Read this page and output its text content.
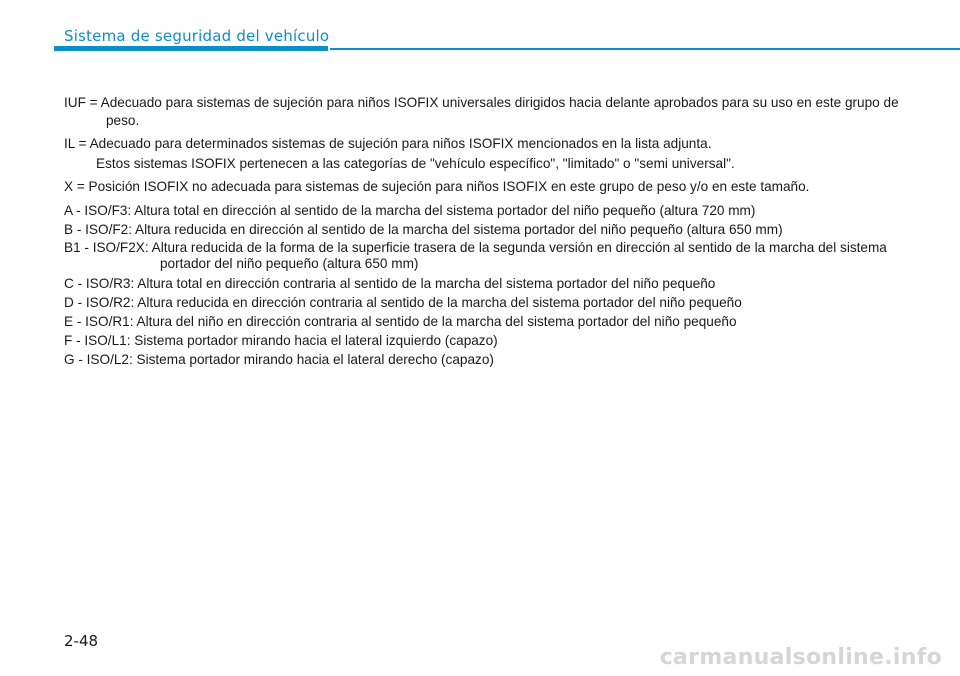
Sistema de seguridad del vehículo

IUF = Adecuado para sistemas de sujeción para niños ISOFIX universales dirigidos hacia delante aprobados para su uso en este grupo de peso.

IL = Adecuado para determinados sistemas de sujeción para niños ISOFIX mencionados en la lista adjunta.

Estos sistemas ISOFIX pertenecen a las categorías de "vehículo específico", "limitado" o "semi universal".

X = Posición ISOFIX no adecuada para sistemas de sujeción para niños ISOFIX en este grupo de peso y/o en este tamaño.

A - ISO/F3: Altura total en dirección al sentido de la marcha del sistema portador del niño pequeño (altura 720 mm)
B - ISO/F2: Altura reducida en dirección al sentido de la marcha del sistema portador del niño pequeño (altura 650 mm)
B1 - ISO/F2X: Altura reducida de la forma de la superficie trasera de la segunda versión en dirección al sentido de la marcha del sistema portador del niño pequeño (altura 650 mm)
C - ISO/R3: Altura total en dirección contraria al sentido de la marcha del sistema portador del niño pequeño
D - ISO/R2: Altura reducida en dirección contraria al sentido de la marcha del sistema portador del niño pequeño
E - ISO/R1: Altura del niño en dirección contraria al sentido de la marcha del sistema portador del niño pequeño
F - ISO/L1: Sistema portador mirando hacia el lateral izquierdo (capazo)
G - ISO/L2: Sistema portador mirando hacia el lateral derecho (capazo)
2-48
carmanualsonline.info
